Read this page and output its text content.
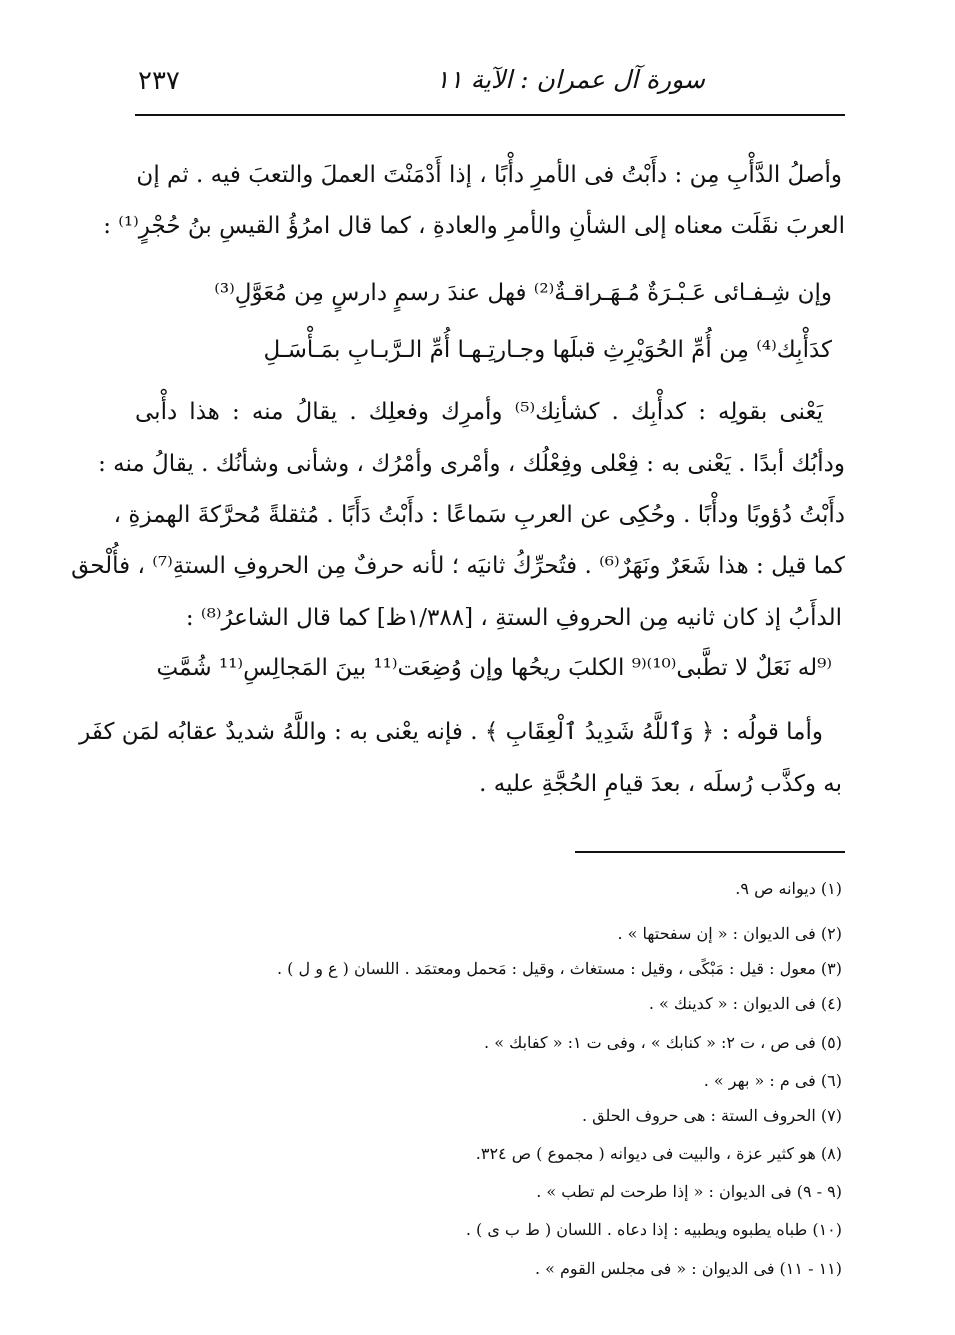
٢٣٧	سورة آل عمران : الآية ١١
وأصلُ الدَّأْبِ مِن : دأَبْتُ فى الأمرِ دأْبًا ، إذا أَدْمَنْتَ العملَ والتعبَ فيه . ثم إن
العربَ نقَلَت معناه إلى الشأنِ والأمرِ والعادةِ ، كما قال امرُؤُ القيسِ بنُ حُجْرٍ⁽¹⁾ :
وإن شِـفـائى عَـبْـرَةٌ مُـهَـراقـةٌ⁽²⁾ فهل عندَ رسمٍ دارسٍ مِن مُعَوَّلِ⁽³⁾
كدَأْبِك⁽⁴⁾ مِن أُمِّ الحُوَيْرِثِ قبلَها وجـارتِـهـا أُمِّ الـرَّبـابِ بمَـأْسَـلِ
يَعْنى بقولِه : كدأْبِك . كشأنِك⁽⁵⁾ وأمرِك وفعلِك . يقالُ منه : هذا دأْبى
ودأبُك أبدًا . يَعْنى به : فِعْلى وفِعْلُك ، وأمْرى وأمْرُك ، وشأنى وشأنُك . يقالُ منه :
دأَبْتُ دُؤوبًا ودأْبًا . وحُكِى عن العربِ سَماعًا : دأَبْتُ دَأَبًا . مُثقلةً مُحرَّكةَ الهمزةِ ،
كما قيل : هذا شَعَرٌ ونَهَرٌ⁽⁶⁾ . فتُحرِّكُ ثانيَه ؛ لأنه حرفٌ مِن الحروفِ الستةِ⁽⁷⁾ ، فأُلْحق
الدأَبُ إذ كان ثانيه مِن الحروفِ الستةِ ، [١/٣٨٨ظ] كما قال الشاعرُ⁽⁸⁾ :
⁽⁹له نَعَلٌ لا تطَّبى⁽¹⁰⁾⁽⁹ الكلبَ ريحُها وإن وُضِعَت⁽¹¹ بينَ المَجالِسِ⁽¹¹ شُمَّتِ
وأما قولُه : ﴿ وَٱللَّهُ شَدِيدُ ٱلْعِقَابِ ﴾ . فإنه يعْنى به : واللَّهُ شديدٌ عقابُه لمَن كفَر
به وكذَّب رُسلَه ، بعدَ قيامِ الحُجَّةِ عليه .
(١) ديوانه ص ٩.
(٢) فى الديوان : « إن سفحتها » .
(٣) معول : قيل : مَبْكًى ، وقيل : مستغاث ، وقيل : مَحمل ومعتمَد . اللسان ( ع و ل ) .
(٤) فى الديوان : « كدينك » .
(٥) فى ص ، ت ٢: « كنابك » ، وفى ت ١: « كفابك » .
(٦) فى م : « بهر » .
(٧) الحروف الستة : هى حروف الحلق .
(٨) هو كثير عزة ، والبيت فى ديوانه ( مجموع ) ص ٣٢٤.
(٩ - ٩) فى الديوان : « إذا طرحت لم تطب » .
(١٠) طباه يطبوه ويطبيه : إذا دعاه . اللسان ( ط ب ى ) .
(١١ - ١١) فى الديوان : « فى مجلس القوم » .
